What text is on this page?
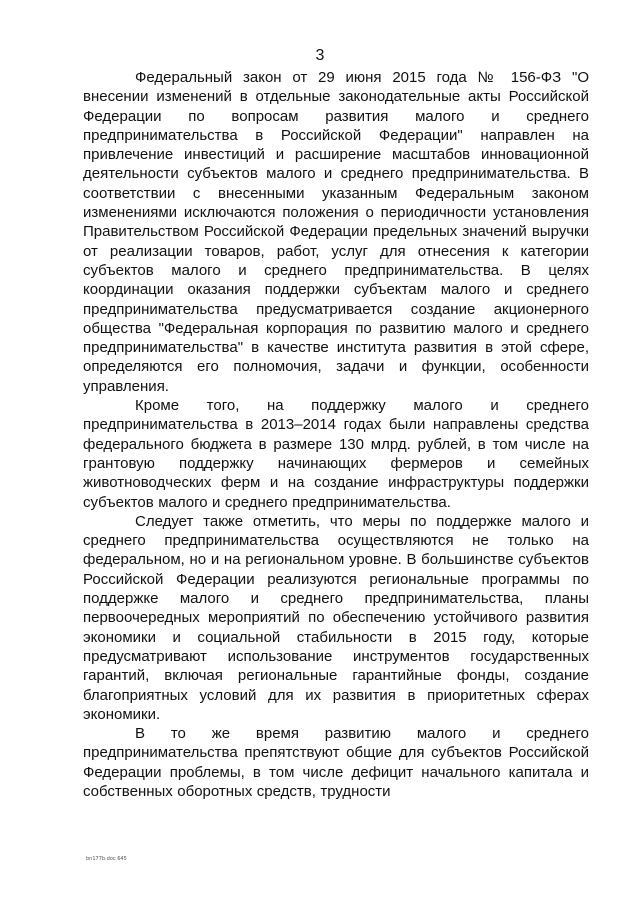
3

Федеральный закон от 29 июня 2015 года № 156-ФЗ "О внесении изменений в отдельные законодательные акты Российской Федерации по вопросам развития малого и среднего предпринимательства в Российской Федерации" направлен на привлечение инвестиций и расширение масштабов инновационной деятельности субъектов малого и среднего предпринимательства. В соответствии с внесенными указанным Федеральным законом изменениями исключаются положения о периодичности установления Правительством Российской Федерации предельных значений выручки от реализации товаров, работ, услуг для отнесения к категории субъектов малого и среднего предпринимательства. В целях координации оказания поддержки субъектам малого и среднего предпринимательства предусматривается создание акционерного общества "Федеральная корпорация по развитию малого и среднего предпринимательства" в качестве института развития в этой сфере, определяются его полномочия, задачи и функции, особенности управления.

Кроме того, на поддержку малого и среднего предпринимательства в 2013–2014 годах были направлены средства федерального бюджета в размере 130 млрд. рублей, в том числе на грантовую поддержку начинающих фермеров и семейных животноводческих ферм и на создание инфраструктуры поддержки субъектов малого и среднего предпринимательства.

Следует также отметить, что меры по поддержке малого и среднего предпринимательства осуществляются не только на федеральном, но и на региональном уровне. В большинстве субъектов Российской Федерации реализуются региональные программы по поддержке малого и среднего предпринимательства, планы первоочередных мероприятий по обеспечению устойчивого развития экономики и социальной стабильности в 2015 году, которые предусматривают использование инструментов государственных гарантий, включая региональные гарантийные фонды, создание благоприятных условий для их развития в приоритетных сферах экономики.

В то же время развитию малого и среднего предпринимательства препятствуют общие для субъектов Российской Федерации проблемы, в том числе дефицит начального капитала и собственных оборотных средств, трудности

bn177b.doc 645
